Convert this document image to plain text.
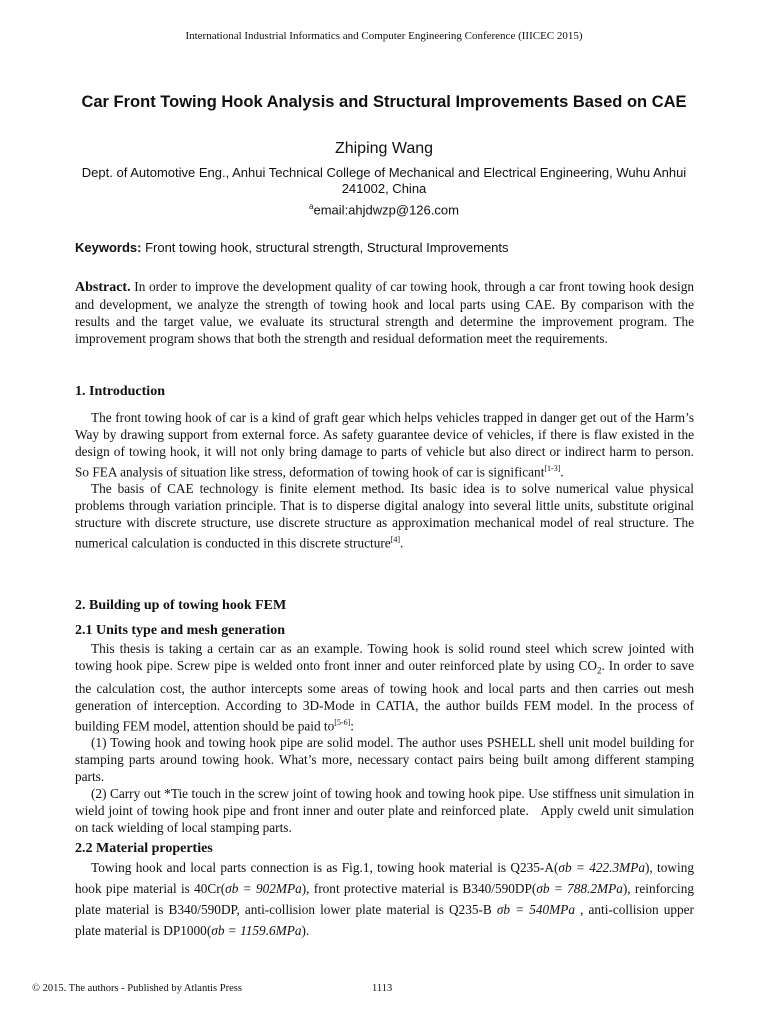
International Industrial Informatics and Computer Engineering Conference (IIICEC 2015)
Car Front Towing Hook Analysis and Structural Improvements Based on CAE
Zhiping Wang
Dept. of Automotive Eng., Anhui Technical College of Mechanical and Electrical Engineering, Wuhu Anhui 241002, China
$^a$email:ahjdwzp@126.com
Keywords: Front towing hook, structural strength, Structural Improvements

Abstract. In order to improve the development quality of car towing hook, through a car front towing hook design and development, we analyze the strength of towing hook and local parts using CAE. By comparison with the results and the target value, we evaluate its structural strength and determine the improvement program. The improvement program shows that both the strength and residual deformation meet the requirements.

1. Introduction

The front towing hook of car is a kind of graft gear which helps vehicles trapped in danger get out of the Harm’s Way by drawing support from external force. As safety guarantee device of vehicles, if there is flaw existed in the design of towing hook, it will not only bring damage to parts of vehicle but also direct or indirect harm to person. So FEA analysis of situation like stress, deformation of towing hook of car is significant[1-3].

The basis of CAE technology is finite element method. Its basic idea is to solve numerical value physical problems through variation principle. That is to disperse digital analogy into several little units, substitute original structure with discrete structure, use discrete structure as approximation mechanical model of real structure. The numerical calculation is conducted in this discrete structure[4].

2. Building up of towing hook FEM
2.1 Units type and mesh generation

This thesis is taking a certain car as an example. Towing hook is solid round steel which screw jointed with towing hook pipe. Screw pipe is welded onto front inner and outer reinforced plate by using $CO_2$. In order to save the calculation cost, the author intercepts some areas of towing hook and local parts and then carries out mesh generation of interception. According to 3D-Mode in CATIA, the author builds FEM model. In the process of building FEM model, attention should be paid to[5-6]:

(1) Towing hook and towing hook pipe are solid model. The author uses PSHELL shell unit model building for stamping parts around towing hook. What’s more, necessary contact pairs being built among different stamping parts.

(2) Carry out *Tie touch in the screw joint of towing hook and towing hook pipe. Use stiffness unit simulation in wield joint of towing hook pipe and front inner and outer plate and reinforced plate.   Apply cweld unit simulation on tack wielding of local stamping parts.

2.2 Material properties

Towing hook and local parts connection is as Fig.1, towing hook material is Q235-A(σb = 422.3MPa), towing hook pipe material is 40Cr(σb = 902MPa), front protective material is B340/590DP(σb = 788.2MPa), reinforcing plate material is B340/590DP, anti-collision lower plate material is Q235-B σb = 540MPa , anti-collision upper plate material is DP1000(σb = 1159.6MPa).

© 2015. The authors - Published by Atlantis Press	1113
